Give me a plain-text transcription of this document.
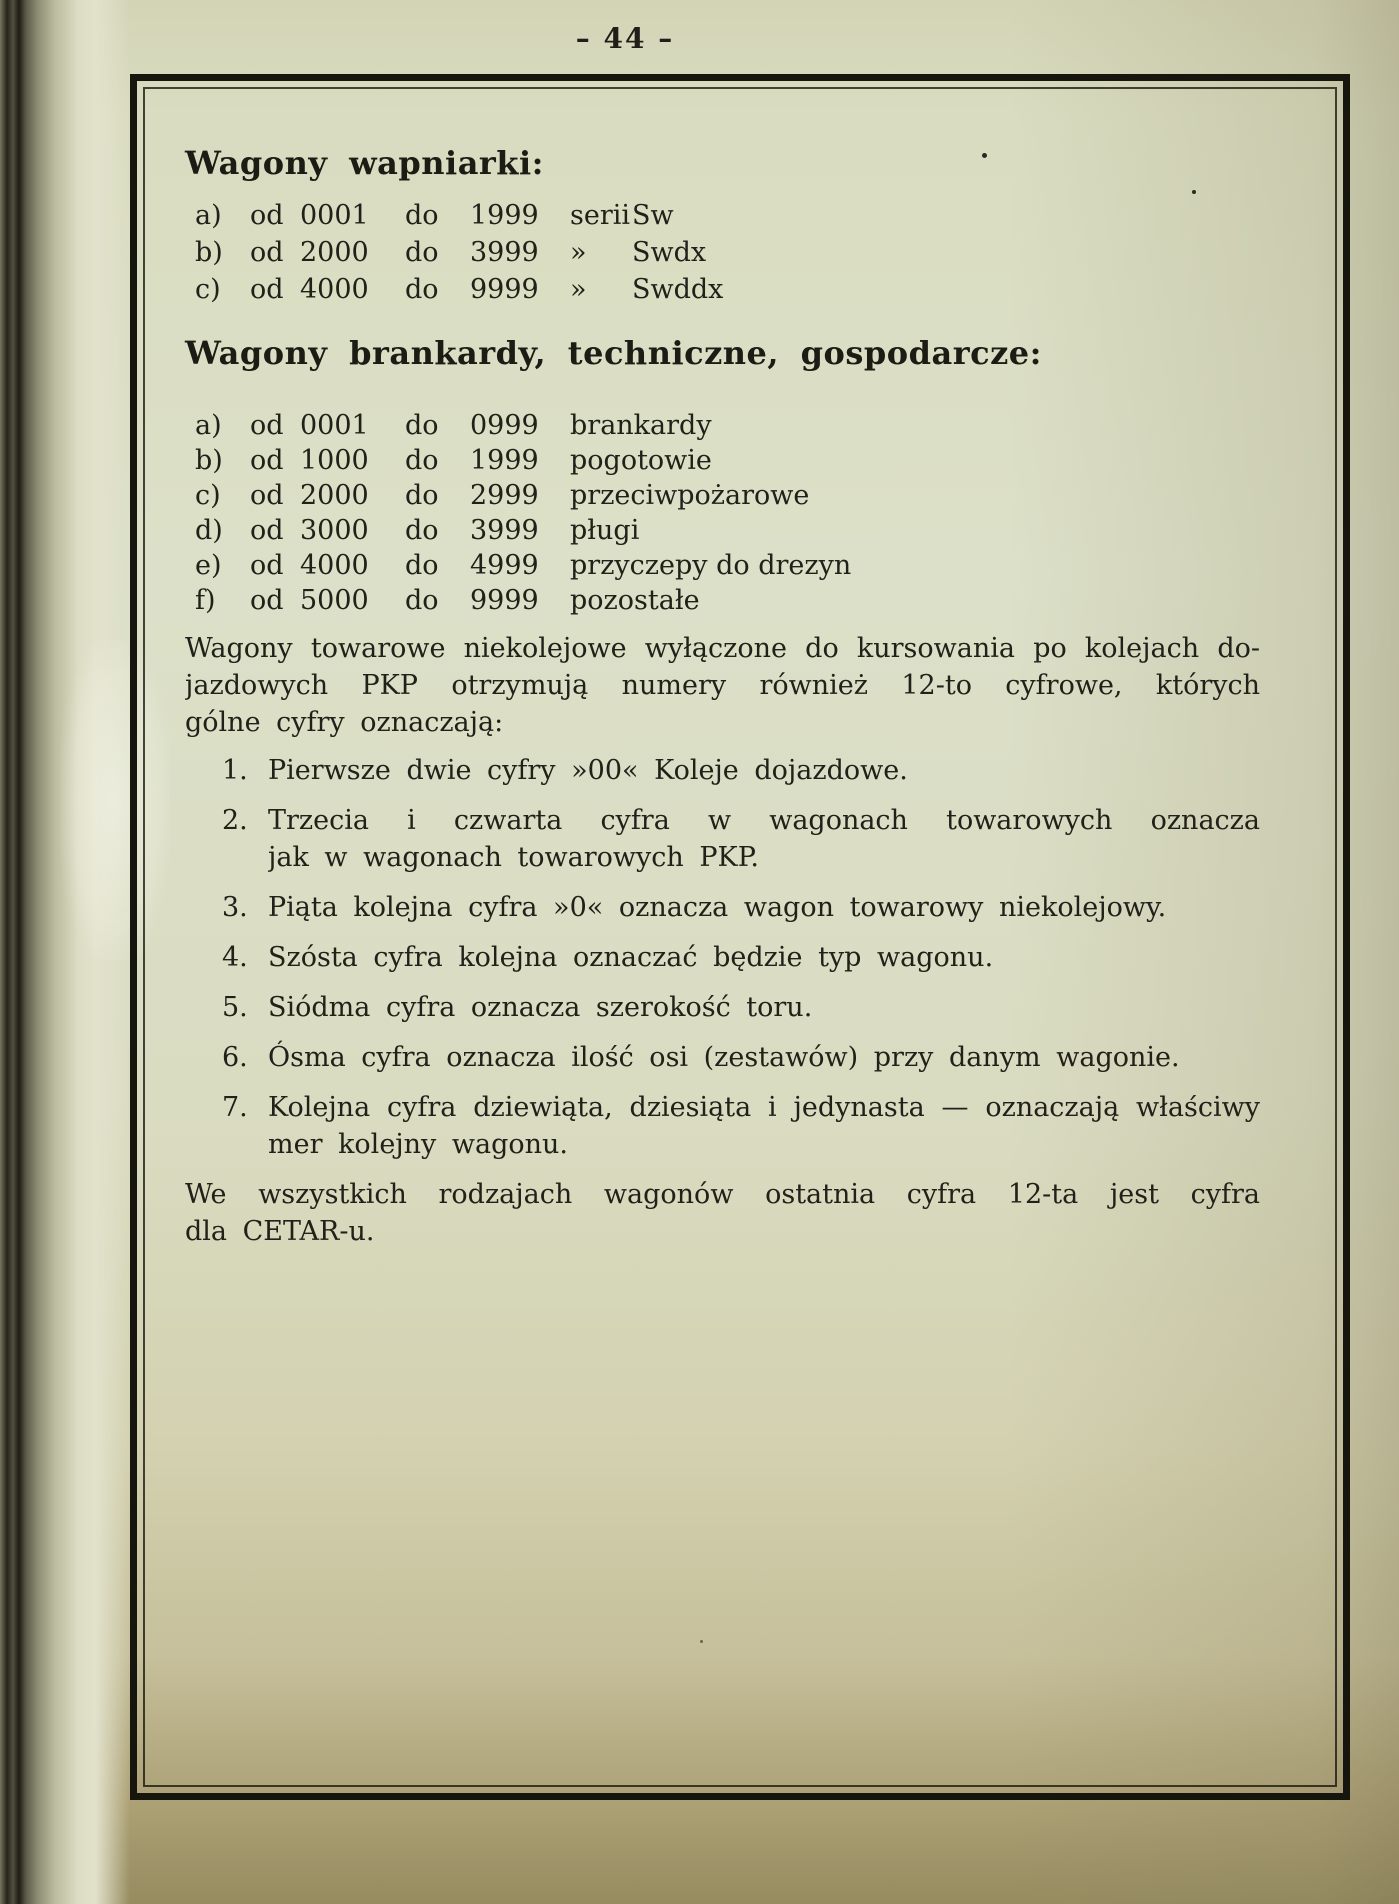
– 44 –
Wagony wapniarki:
a) od 0001 do 1999 seriiSw
b) od 2000 do 3999 » Swdx
c) od 4000 do 9999 » Swddx
Wagony brankardy, techniczne, gospodarcze:
a) od 0001 do 0999 brankardy
b) od 1000 do 1999 pogotowie
c) od 2000 do 2999 przeciwpożarowe
d) od 3000 do 3999 pługi
e) od 4000 do 4999 przyczepy do drezyn
f) od 5000 do 9999 pozostałe
Wagony towarowe niekolejowe wyłączone do kursowania po kolejach do-
jazdowych PKP otrzymują numery również 12-to cyfrowe, których
gólne cyfry oznaczają:
1. Pierwsze dwie cyfry »00« Koleje dojazdowe.
2. Trzecia i czwarta cyfra w wagonach towarowych oznacza
jak w wagonach towarowych PKP.
3. Piąta kolejna cyfra »0« oznacza wagon towarowy niekolejowy.
4. Szósta cyfra kolejna oznaczać będzie typ wagonu.
5. Siódma cyfra oznacza szerokość toru.
6. Ósma cyfra oznacza ilość osi (zestawów) przy danym wagonie.
7. Kolejna cyfra dziewiąta, dziesiąta i jedynasta — oznaczają właściwy
mer kolejny wagonu.
We wszystkich rodzajach wagonów ostatnia cyfra 12-ta jest cyfra
dla CETAR-u.
